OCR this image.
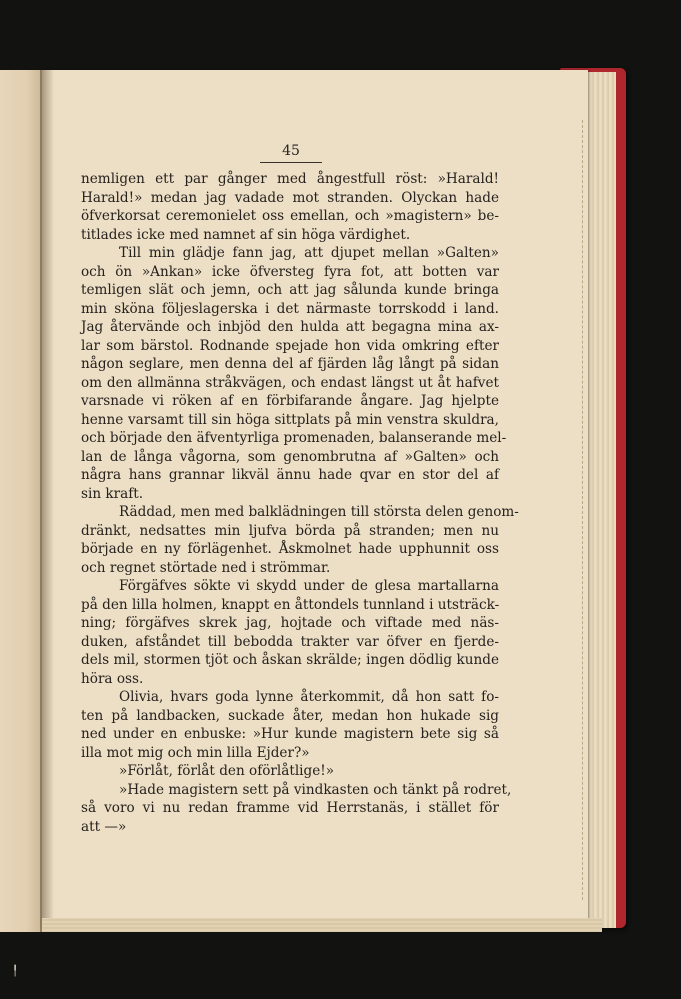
45
nemligen ett par gånger med ångestfull röst: »Harald!
Harald!» medan jag vadade mot stranden. Olyckan hade
öfverkorsat ceremonielet oss emellan, och »magistern» be-
titlades icke med namnet af sin höga värdighet.
Till min glädje fann jag, att djupet mellan »Galten»
och ön »Ankan» icke öfversteg fyra fot, att botten var
temligen slät och jemn, och att jag sålunda kunde bringa
min sköna följeslagerska i det närmaste torrskodd i land.
Jag återvände och inbjöd den hulda att begagna mina ax-
lar som bärstol. Rodnande spejade hon vida omkring efter
någon seglare, men denna del af fjärden låg långt på sidan
om den allmänna stråkvägen, och endast längst ut åt hafvet
varsnade vi röken af en förbifarande ångare. Jag hjelpte
henne varsamt till sin höga sittplats på min venstra skuldra,
och började den äfventyrliga promenaden, balanserande mel-
lan de långa vågorna, som genombrutna af »Galten» och
några hans grannar likväl ännu hade qvar en stor del af
sin kraft.
Räddad, men med balklädningen till största delen genom-
dränkt, nedsattes min ljufva börda på stranden; men nu
började en ny förlägenhet. Åskmolnet hade upphunnit oss
och regnet störtade ned i strömmar.
Förgäfves sökte vi skydd under de glesa martallarna
på den lilla holmen, knappt en åttondels tunnland i utsträck-
ning; förgäfves skrek jag, hojtade och viftade med näs-
duken, afståndet till bebodda trakter var öfver en fjerde-
dels mil, stormen tjöt och åskan skrälde; ingen dödlig kunde
höra oss.
Olivia, hvars goda lynne återkommit, då hon satt fo-
ten på landbacken, suckade åter, medan hon hukade sig
ned under en enbuske: »Hur kunde magistern bete sig så
illa mot mig och min lilla Ejder?»
»Förlåt, förlåt den oförlåtlige!»
»Hade magistern sett på vindkasten och tänkt på rodret,
så voro vi nu redan framme vid Herrstanäs, i stället för
att —»
╿
